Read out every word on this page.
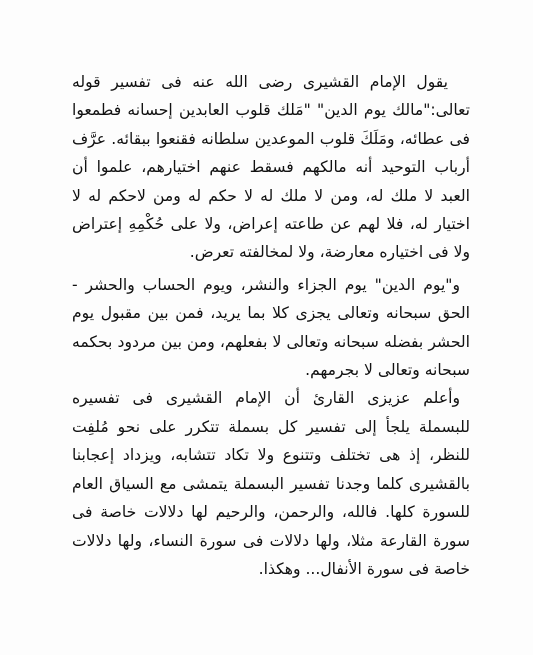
يقول الإمام القشيرى رضى الله عنه فى تفسير قوله تعالى:"مالك يوم الدين" "مَلك قلوب العابدين إحسانه فطمعوا فى عطائه، ومَلَكَ قلوب الموعدين سلطانه فقنعوا ببقائه. عرَّف أرباب التوحيد أنه مالكهم فسقط عنهم اختيارهم، علموا أن العبد لا ملك له، ومن لا ملك له لا حكم له ومن لاحكم له لا اختيار له، فلا لهم عن طاعته إعراض، ولا على حُكْمِهِ إعتراض ولا فى اختياره معارضة، ولا لمخالفته تعرض.

و"يوم الدين" يوم الجزاء والنشر، ويوم الحساب والحشر - الحق سبحانه وتعالى يجزى كلا بما يريد، فمن بين مقبول يوم الحشر بفضله سبحانه وتعالى لا بفعلهم، ومن بين مردود بحكمه سبحانه وتعالى لا بجرمهم.

وأعلم عزيزى القارئ أن الإمام القشيرى فى تفسيره للبسملة يلجأ إلى تفسير كل بسملة تتكرر على نحو مُلفِت للنظر، إذ هى تختلف وتتنوع ولا تكاد تتشابه، ويزداد إعجابنا بالقشيرى كلما وجدنا تفسير البسملة يتمشى مع السياق العام للسورة كلها. فالله، والرحمن، والرحيم لها دلالات خاصة فى سورة القارعة مثلا، ولها دلالات فى سورة النساء، ولها دلالات خاصة فى سورة الأنفال... وهكذا.
